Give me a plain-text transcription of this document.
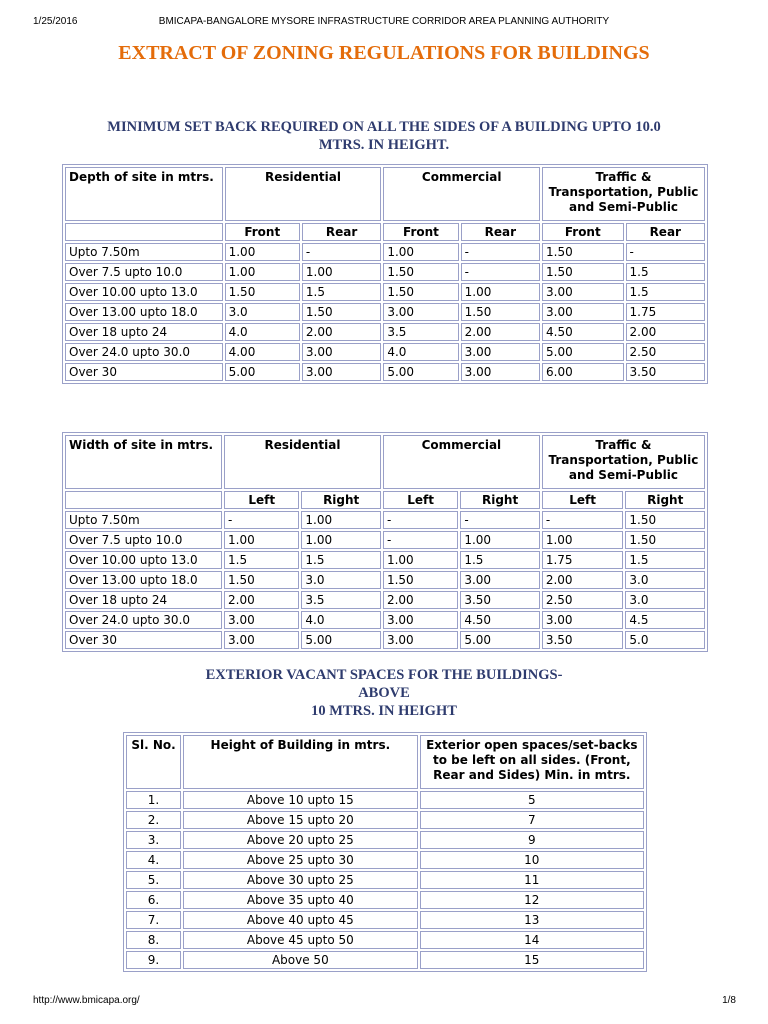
1/25/2016	BMICAPA-BANGALORE MYSORE INFRASTRUCTURE CORRIDOR AREA PLANNING AUTHORITY
EXTRACT OF ZONING REGULATIONS FOR BUILDINGS
MINIMUM SET BACK REQUIRED ON ALL THE SIDES OF A BUILDING UPTO 10.0
MTRS. IN HEIGHT.
Depth of site in mtrs.	Residential		Commercial		Traffic & Transportation, Public and Semi-Public	
	Front	Rear	Front	Rear	Front	Rear
Upto 7.50m	1.00	-	1.00	-	1.50	-
Over 7.5 upto 10.0	1.00	1.00	1.50	-	1.50	1.5
Over 10.00 upto 13.0	1.50	1.5	1.50	1.00	3.00	1.5
Over 13.00 upto 18.0	3.0	1.50	3.00	1.50	3.00	1.75
Over 18 upto 24	4.0	2.00	3.5	2.00	4.50	2.00
Over 24.0 upto 30.0	4.00	3.00	4.0	3.00	5.00	2.50
Over 30	5.00	3.00	5.00	3.00	6.00	3.50
Width of site in mtrs.	Residential		Commercial		Traffic & Transportation, Public and Semi-Public	
	Left	Right	Left	Right	Left	Right
Upto 7.50m	-	1.00	-	-	-	1.50
Over 7.5 upto 10.0	1.00	1.00	-	1.00	1.00	1.50
Over 10.00 upto 13.0	1.5	1.5	1.00	1.5	1.75	1.5
Over 13.00 upto 18.0	1.50	3.0	1.50	3.00	2.00	3.0
Over 18 upto 24	2.00	3.5	2.00	3.50	2.50	3.0
Over 24.0 upto 30.0	3.00	4.0	3.00	4.50	3.00	4.5
Over 30	3.00	5.00	3.00	5.00	3.50	5.0
EXTERIOR VACANT SPACES FOR THE BUILDINGS-
ABOVE
10 MTRS. IN HEIGHT
Sl. No.	Height of Building in mtrs.	Exterior open spaces/set-backs to be left on all sides. (Front, Rear and Sides) Min. in mtrs.
1.	Above 10 upto 15	5
2.	Above 15 upto 20	7
3.	Above 20 upto 25	9
4.	Above 25 upto 30	10
5.	Above 30 upto 25	11
6.	Above 35 upto 40	12
7.	Above 40 upto 45	13
8.	Above 45 upto 50	14
9.	Above 50	15
http://www.bmicapa.org/	1/8
